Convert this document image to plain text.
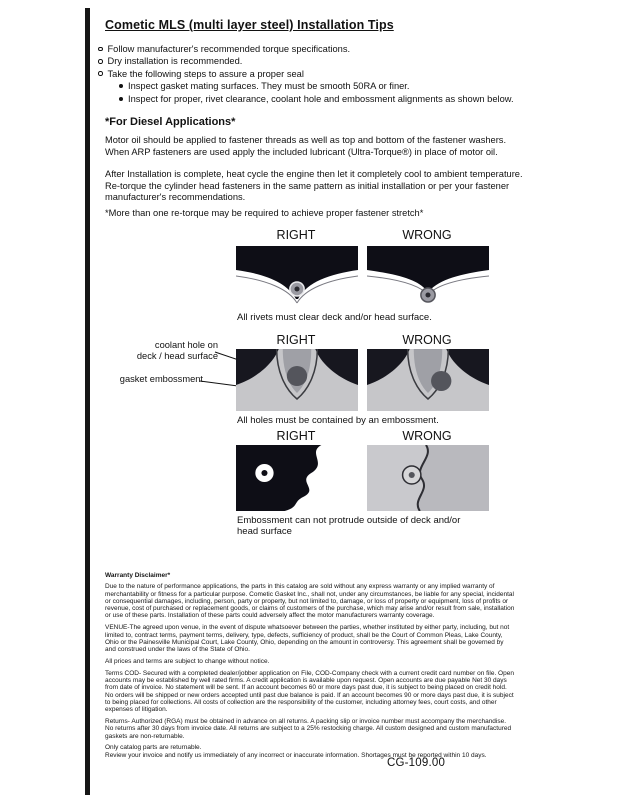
Cometic MLS (multi layer steel) Installation Tips
Follow manufacturer's recommended torque specifications.
Dry installation is recommended.
Take the following steps to assure a proper seal
Inspect gasket mating surfaces. They must be smooth 50RA or finer.
Inspect for proper, rivet clearance, coolant hole and embossment alignments as shown below.
*For Diesel Applications*

Motor oil should be applied to fastener threads as well as top and bottom of the fastener washers. When ARP fasteners are used apply the included lubricant (Ultra-Torque®) in place of motor oil.

After Installation is complete, heat cycle the engine then let it completely cool to ambient temperature. Re-torque the cylinder head fasteners in the same pattern as initial installation or per your fastener manufacturer's recommendations.

*More than one re-torque may be required to achieve proper fastener stretch*
RIGHT	WRONG
All rivets must clear deck and/or head surface.
RIGHT	WRONG
coolant hole on
deck / head surface
gasket embossment
All holes must be contained by an embossment.
RIGHT	WRONG
Embossment can not protrude outside of deck and/or head surface

Warranty Disclaimer*

Due to the nature of performance applications, the parts in this catalog are sold without any express warranty or any implied warranty of merchantability or fitness for a particular purpose. Cometic Gasket Inc., shall not, under any circumstances, be liable for any special, incidental or consequential damages, including, person, party or property, but not limited to, damage, or loss of property or equipment, loss of profits or revenue, cost of purchased or replacement goods, or claims of customers of the purchase, which may arise and/or result from sale, installation or use of these parts. Installation of these parts could adversely affect the motor manufacturers warranty coverage.

VENUE-The agreed upon venue, in the event of dispute whatsoever between the parties, whether instituted by either party, including, but not limited to, contract terms, payment terms, delivery, type, defects, sufficiency of product, shall be the Court of Common Pleas, Lake County, Ohio or the Painesville Municipal Court, Lake County, Ohio, depending on the amount in controversy. This agreement shall be governed by and construed under the laws of the State of Ohio.

All prices and terms are subject to change without notice.

Terms COD- Secured with a completed dealer/jobber application on File, COD-Company check with a current credit card number on file. Open accounts may be established by well rated firms. A credit application is available upon request. Open accounts are due payable Net 30 days from date of invoice. No statement will be sent. If an account becomes 60 or more days past due, it is subject to being placed on credit hold. No orders will be shipped or new orders accepted until past due balance is paid. If an account becomes 90 or more days past due, it is subject to being placed for collections. All costs of collection are the responsibility of the customer, including attorney fees, court costs, and other expenses of litigation.

Returns- Authorized (RGA) must be obtained in advance on all returns. A packing slip or invoice number must accompany the merchandise. No returns after 30 days from invoice date. All returns are subject to a 25% restocking charge. All custom designed and custom manufactured gaskets are non-returnable.

Only catalog parts are returnable.

Review your invoice and notify us immediately of any incorrect or inaccurate information. Shortages must be reported within 10 days.

CG-109.00
